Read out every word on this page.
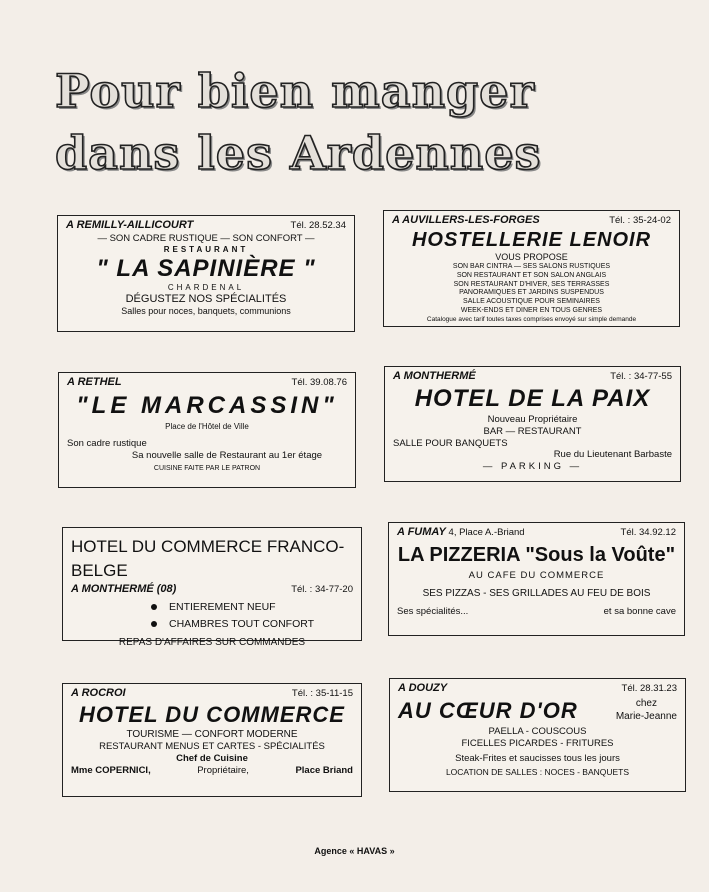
Pour bien manger
dans les Ardennes
A REMILLY-AILLICOURT	Tél. 28.52.34
— SON CADRE RUSTIQUE — SON CONFORT —
RESTAURANT
" LA SAPINIÈRE "
CHARDENAL
DÉGUSTEZ NOS SPÉCIALITÉS
Salles pour noces, banquets, communions
A AUVILLERS-LES-FORGES	Tél. : 35-24-02
HOSTELLERIE LENOIR
VOUS PROPOSE
SON BAR CINTRA — SES SALONS RUSTIQUES
SON RESTAURANT ET SON SALON ANGLAIS
SON RESTAURANT D'HIVER, SES TERRASSES
PANORAMIQUES ET JARDINS SUSPENDUS
SALLE ACOUSTIQUE POUR SEMINAIRES
WEEK-ENDS ET DINER EN TOUS GENRES
Catalogue avec tarif toutes taxes comprises envoyé sur simple demande
A RETHEL	Tél. 39.08.76
"LE MARCASSIN"
Place de l'Hôtel de Ville
Son cadre rustique
Sa nouvelle salle de Restaurant au 1er étage
CUISINE FAITE PAR LE PATRON
A MONTHERMÉ	Tél. : 34-77-55
HOTEL DE LA PAIX
Nouveau Propriétaire
BAR — RESTAURANT
SALLE POUR BANQUETS
Rue du Lieutenant Barbaste
— PARKING —
HOTEL DU COMMERCE FRANCO-BELGE
A MONTHERMÉ (08)	Tél. : 34-77-20
ENTIEREMENT NEUF
CHAMBRES TOUT CONFORT
REPAS D'AFFAIRES SUR COMMANDES
A FUMAY 4, Place A.-Briand	Tél. 34.92.12
LA PIZZERIA "Sous la Voûte"
AU CAFE DU COMMERCE
SES PIZZAS - SES GRILLADES AU FEU DE BOIS
Ses spécialités...	et sa bonne cave
A ROCROI	Tél. : 35-11-15
HOTEL DU COMMERCE
TOURISME — CONFORT MODERNE
RESTAURANT MENUS ET CARTES - SPÉCIALITÉS
Chef de Cuisine
Mme COPERNICI,	Propriétaire,	Place Briand
A DOUZY	Tél. 28.31.23
AU CŒUR D'OR	chez
Marie-Jeanne
PAELLA - COUSCOUS
FICELLES PICARDES - FRITURES
Steak-Frites et saucisses tous les jours
LOCATION DE SALLES : NOCES - BANQUETS
Agence « HAVAS »
